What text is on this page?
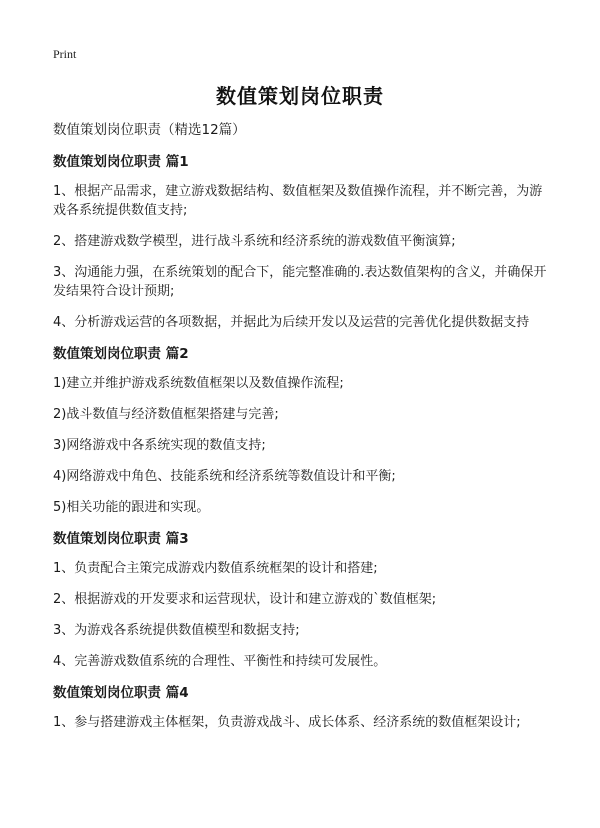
Print
数值策划岗位职责

数值策划岗位职责（精选12篇）

数值策划岗位职责 篇1

1、根据产品需求，建立游戏数据结构、数值框架及数值操作流程，并不断完善，为游戏各系统提供数值支持;

2、搭建游戏数学模型，进行战斗系统和经济系统的游戏数值平衡演算;

3、沟通能力强，在系统策划的配合下，能完整准确的.表达数值架构的含义，并确保开发结果符合设计预期;

4、分析游戏运营的各项数据，并据此为后续开发以及运营的完善优化提供数据支持

数值策划岗位职责 篇2

1)建立并维护游戏系统数值框架以及数值操作流程;

2)战斗数值与经济数值框架搭建与完善;

3)网络游戏中各系统实现的数值支持;

4)网络游戏中角色、技能系统和经济系统等数值设计和平衡;

5)相关功能的跟进和实现。

数值策划岗位职责 篇3

1、负责配合主策完成游戏内数值系统框架的设计和搭建;

2、根据游戏的开发要求和运营现状，设计和建立游戏的`数值框架;

3、为游戏各系统提供数值模型和数据支持;

4、完善游戏数值系统的合理性、平衡性和持续可发展性。

数值策划岗位职责 篇4

1、参与搭建游戏主体框架，负责游戏战斗、成长体系、经济系统的数值框架设计;
